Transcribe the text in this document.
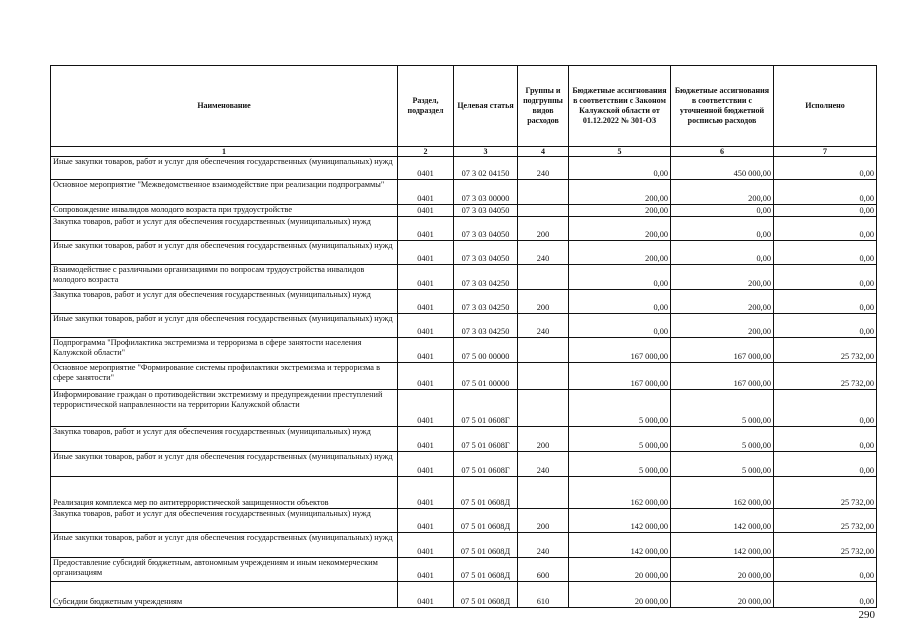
Наименование	Раздел, подраздел	Целевая статья	Группы и подгруппы видов расходов	Бюджетные ассигнования в соответствии с Законом Калужской области от 01.12.2022 № 301-ОЗ	Бюджетные ассигнования в соответствии с уточненной бюджетной росписью расходов	Исполнено
1	2	3	4	5	6	7
Иные закупки товаров, работ и услуг для обеспечения государственных (муниципальных) нужд	0401	07 3 02 04150	240	0,00	450 000,00	0,00
Основное мероприятие "Межведомственное взаимодействие при реализации подпрограммы"	0401	07 3 03 00000		200,00	200,00	0,00
Сопровождение инвалидов молодого возраста при трудоустройстве	0401	07 3 03 04050		200,00	0,00	0,00
Закупка товаров, работ и услуг для обеспечения государственных (муниципальных) нужд	0401	07 3 03 04050	200	200,00	0,00	0,00
Иные закупки товаров, работ и услуг для обеспечения государственных (муниципальных) нужд	0401	07 3 03 04050	240	200,00	0,00	0,00
Взаимодействие с различными организациями по вопросам трудоустройства инвалидов молодого возраста	0401	07 3 03 04250		0,00	200,00	0,00
Закупка товаров, работ и услуг для обеспечения государственных (муниципальных) нужд	0401	07 3 03 04250	200	0,00	200,00	0,00
Иные закупки товаров, работ и услуг для обеспечения государственных (муниципальных) нужд	0401	07 3 03 04250	240	0,00	200,00	0,00
Подпрограмма "Профилактика экстремизма и терроризма в сфере занятости населения Калужской области"	0401	07 5 00 00000		167 000,00	167 000,00	25 732,00
Основное мероприятие "Формирование системы профилактики экстремизма и терроризма в сфере занятости"	0401	07 5 01 00000		167 000,00	167 000,00	25 732,00
Информирование граждан о противодействии экстремизму и предупреждении преступлений террористической направленности на территории Калужской области	0401	07 5 01 0608Г		5 000,00	5 000,00	0,00
Закупка товаров, работ и услуг для обеспечения государственных (муниципальных) нужд	0401	07 5 01 0608Г	200	5 000,00	5 000,00	0,00
Иные закупки товаров, работ и услуг для обеспечения государственных (муниципальных) нужд	0401	07 5 01 0608Г	240	5 000,00	5 000,00	0,00
Реализация комплекса мер по антитеррористической защищенности объектов	0401	07 5 01 0608Д		162 000,00	162 000,00	25 732,00
Закупка товаров, работ и услуг для обеспечения государственных (муниципальных) нужд	0401	07 5 01 0608Д	200	142 000,00	142 000,00	25 732,00
Иные закупки товаров, работ и услуг для обеспечения государственных (муниципальных) нужд	0401	07 5 01 0608Д	240	142 000,00	142 000,00	25 732,00
Предоставление субсидий бюджетным, автономным учреждениям и иным некоммерческим организациям	0401	07 5 01 0608Д	600	20 000,00	20 000,00	0,00
Субсидии бюджетным учреждениям	0401	07 5 01 0608Д	610	20 000,00	20 000,00	0,00
290
